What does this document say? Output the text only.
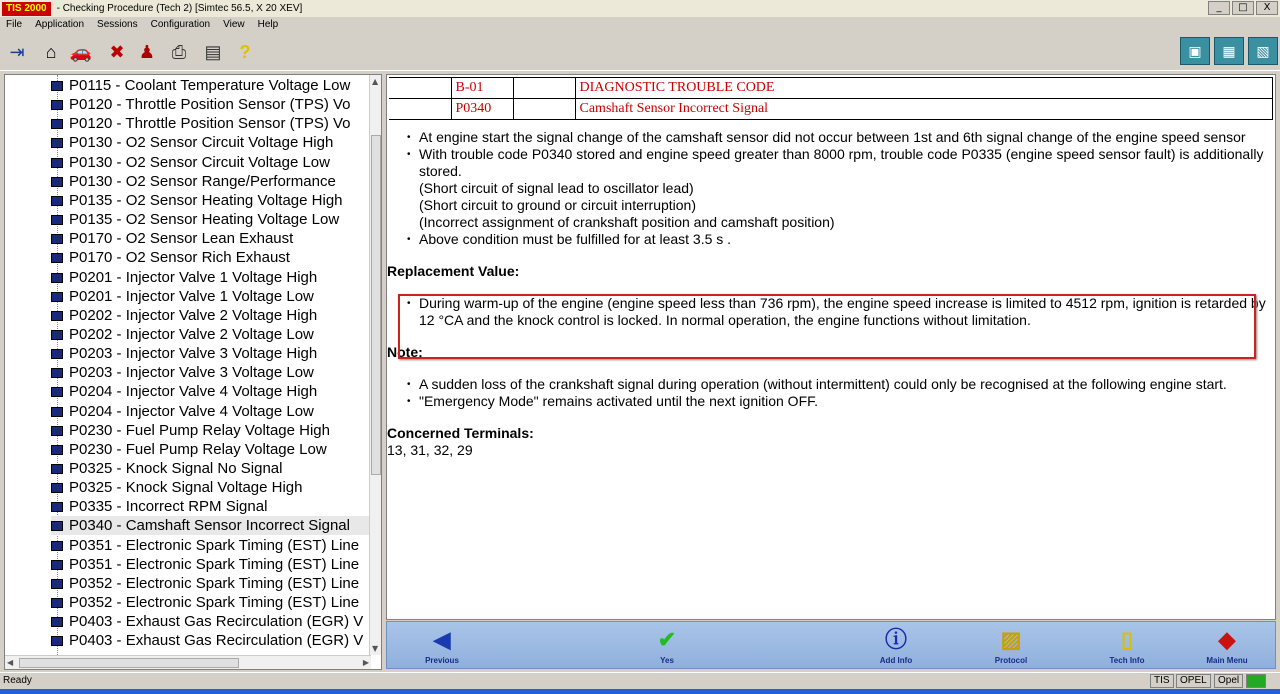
TIS 2000	- Checking Procedure (Tech 2) [Simtec 56.5, X 20 XEV]	_	□	X
File Application Sessions Configuration View Help
⇥	⌂ 🚗 ✖ ♟ ⎙	▤	?	▣	▦	▧
P0115 - Coolant Temperature Voltage Low
P0120 - Throttle Position Sensor (TPS) Vo
P0120 - Throttle Position Sensor (TPS) Vo
P0130 - O2 Sensor Circuit Voltage High
P0130 - O2 Sensor Circuit Voltage Low
P0130 - O2 Sensor Range/Performance
P0135 - O2 Sensor Heating Voltage High
P0135 - O2 Sensor Heating Voltage Low
P0170 - O2 Sensor Lean Exhaust
P0170 - O2 Sensor Rich Exhaust
P0201 - Injector Valve 1 Voltage High
P0201 - Injector Valve 1 Voltage Low
P0202 - Injector Valve 2 Voltage High
P0202 - Injector Valve 2 Voltage Low
P0203 - Injector Valve 3 Voltage High
P0203 - Injector Valve 3 Voltage Low
P0204 - Injector Valve 4 Voltage High
P0204 - Injector Valve 4 Voltage Low
P0230 - Fuel Pump Relay Voltage High
P0230 - Fuel Pump Relay Voltage Low
P0325 - Knock Signal No Signal
P0325 - Knock Signal Voltage High
P0335 - Incorrect RPM Signal
P0340 - Camshaft Sensor Incorrect Signal
P0351 - Electronic Spark Timing (EST) Line
P0351 - Electronic Spark Timing (EST) Line
P0352 - Electronic Spark Timing (EST) Line
P0352 - Electronic Spark Timing (EST) Line
P0403 - Exhaust Gas Recirculation (EGR) V
P0403 - Exhaust Gas Recirculation (EGR) V
▲
▼
◀	▶
	B-01		DIAGNOSTIC TROUBLE CODE
	P0340		Camshaft Sensor Incorrect Signal
• At engine start the signal change of the camshaft sensor did not occur between 1st and 6th signal change of the engine speed sensor
• With trouble code P0340 stored and engine speed greater than 8000 rpm, trouble code P0335 (engine speed sensor fault) is additionally stored.
(Short circuit of signal lead to oscillator lead)
(Short circuit to ground or circuit interruption)
(Incorrect assignment of crankshaft position and camshaft position)
• Above condition must be fulfilled for at least 3.5 s .
Replacement Value:
• During warm-up of the engine (engine speed less than 736 rpm), the engine speed increase is limited to 4512 rpm, ignition is retarded by 12 °CA and the knock control is locked. In normal operation, the engine functions without limitation.
Note:
• A sudden loss of the crankshaft signal during operation (without intermittent) could only be recognised at the following engine start.
• "Emergency Mode" remains activated until the next ignition OFF.
Concerned Terminals:
13, 31, 32, 29
◀
Previous
✔
Yes
ⓘ
Add Info
▨
Protocol
▯
Tech Info
◆
Main Menu
Ready	TIS	OPEL	Opel
